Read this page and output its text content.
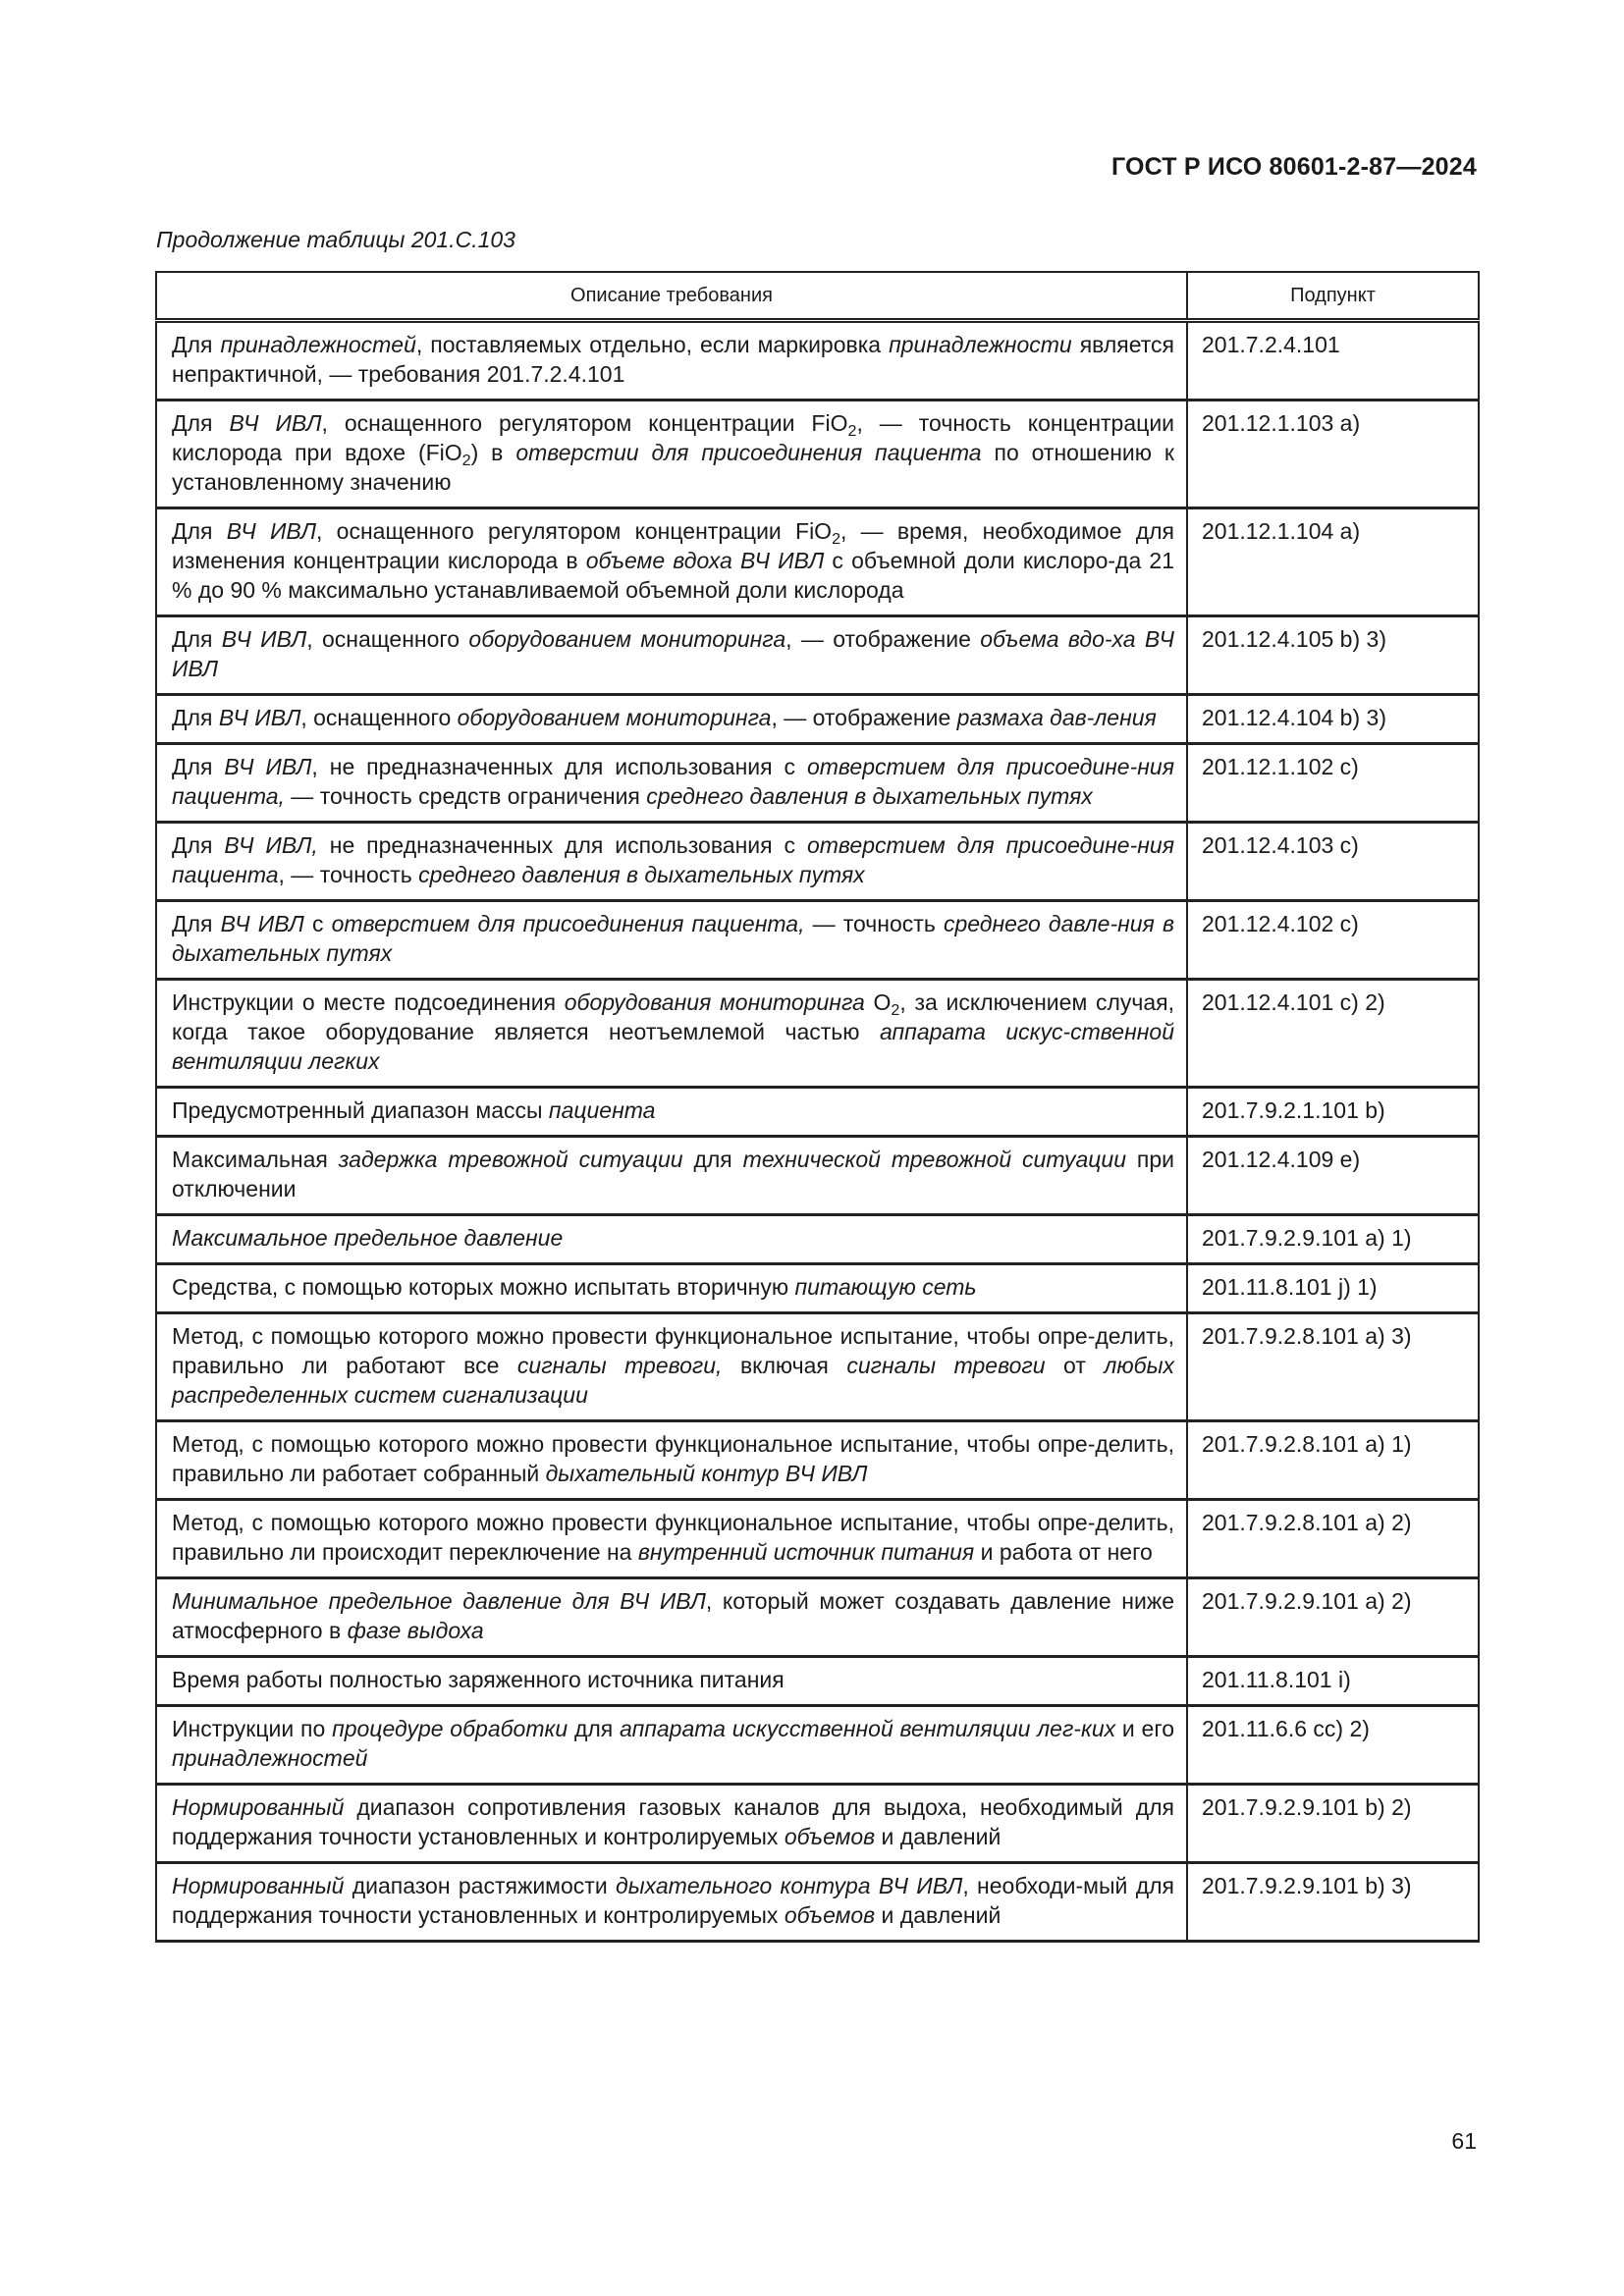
ГОСТ Р ИСО 80601-2-87—2024
Продолжение таблицы 201.С.103
Описание требования	Подпункт
Для принадлежностей, поставляемых отдельно, если маркировка принадлежности является непрактичной, — требования 201.7.2.4.101	201.7.2.4.101
Для ВЧ ИВЛ, оснащенного регулятором концентрации FiO$_2$, — точность концентрации кислорода при вдохе (FiO$_2$) в отверстии для присоединения пациента по отношению к установленному значению	201.12.1.103 a)
Для ВЧ ИВЛ, оснащенного регулятором концентрации FiO$_2$, — время, необходимое для изменения концентрации кислорода в объеме вдоха ВЧ ИВЛ с объемной доли кислоро-да 21 % до 90 % максимально устанавливаемой объемной доли кислорода	201.12.1.104 a)
Для ВЧ ИВЛ, оснащенного оборудованием мониторинга, — отображение объема вдо-ха ВЧ ИВЛ	201.12.4.105 b) 3)
Для ВЧ ИВЛ, оснащенного оборудованием мониторинга, — отображение размаха дав-ления	201.12.4.104 b) 3)
Для ВЧ ИВЛ, не предназначенных для использования с отверстием для присоедине-ния пациента, — точность средств ограничения среднего давления в дыхательных путях	201.12.1.102 c)
Для ВЧ ИВЛ, не предназначенных для использования с отверстием для присоедине-ния пациента, — точность среднего давления в дыхательных путях	201.12.4.103 c)
Для ВЧ ИВЛ с отверстием для присоединения пациента, — точность среднего давле-ния в дыхательных путях	201.12.4.102 c)
Инструкции о месте подсоединения оборудования мониторинга $O_2$, за исключением случая, когда такое оборудование является неотъемлемой частью аппарата искус-ственной вентиляции легких	201.12.4.101 c) 2)
Предусмотренный диапазон массы пациента	201.7.9.2.1.101 b)
Максимальная задержка тревожной ситуации для технической тревожной ситуации при отключении	201.12.4.109 e)
Максимальное предельное давление	201.7.9.2.9.101 a) 1)
Средства, с помощью которых можно испытать вторичную питающую сеть	201.11.8.101 j) 1)
Метод, с помощью которого можно провести функциональное испытание, чтобы опре-делить, правильно ли работают все сигналы тревоги, включая сигналы тревоги от любых распределенных систем сигнализации	201.7.9.2.8.101 a) 3)
Метод, с помощью которого можно провести функциональное испытание, чтобы опре-делить, правильно ли работает собранный дыхательный контур ВЧ ИВЛ	201.7.9.2.8.101 a) 1)
Метод, с помощью которого можно провести функциональное испытание, чтобы опре-делить, правильно ли происходит переключение на внутренний источник питания и работа от него	201.7.9.2.8.101 a) 2)
Минимальное предельное давление для ВЧ ИВЛ, который может создавать давление ниже атмосферного в фазе выдоха	201.7.9.2.9.101 a) 2)
Время работы полностью заряженного источника питания	201.11.8.101 i)
Инструкции по процедуре обработки для аппарата искусственной вентиляции лег-ких и его принадлежностей	201.11.6.6 cc) 2)
Нормированный диапазон сопротивления газовых каналов для выдоха, необходимый для поддержания точности установленных и контролируемых объемов и давлений	201.7.9.2.9.101 b) 2)
Нормированный диапазон растяжимости дыхательного контура ВЧ ИВЛ, необходи-мый для поддержания точности установленных и контролируемых объемов и давлений	201.7.9.2.9.101 b) 3)
61
